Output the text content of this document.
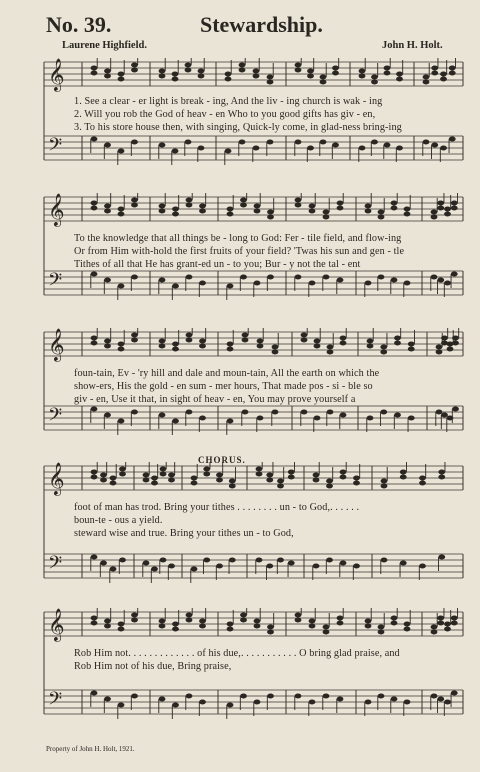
No. 39.	Stewardship.
Laurene Highfield.	John H. Holt.
𝄞
𝄢
1. See a clear - er light is break - ing, And the liv - ing church is wak - ing
2. Will you rob the God of heav - en Who to you good gifts has giv - en,
3. To his store house then, with singing, Quick-ly come, in glad-ness bring-ing
𝄞
𝄢
To the knowledge that all things be - long to God: Fer - tile field, and flow-ing
Or from Him with-hold the first fruits of your field? 'Twas his sun and gen - tle
Tithes of all that He has grant-ed un - to you; Bur - y not the tal - ent
𝄞
𝄢
foun-tain, Ev - 'ry hill and dale and moun-tain, All the earth on which the
show-ers, His the gold - en sum - mer hours, That made pos - si - ble so
giv - en, Use it that, in sight of heav - en, You may prove yourself a
CHORUS.
𝄞
𝄢
foot of man has trod. Bring your tithes . . . . . . . . un - to God,. . . . . .
boun-te - ous a yield.
steward wise and true. Bring your tithes un - to God,
𝄞
𝄢
Rob Him not. . . . . . . . . . . . . of his due,. . . . . . . . . . . O bring glad praise, and
Rob Him not of his due, Bring praise,
Property of John H. Holt, 1921.
